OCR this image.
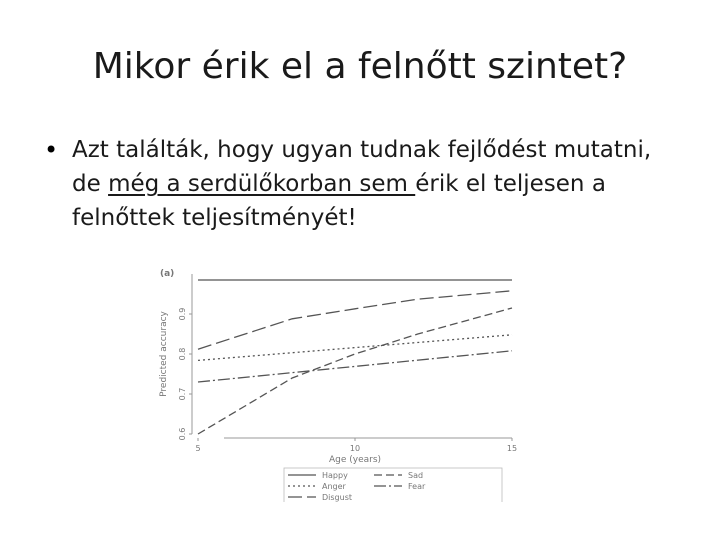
Mikor érik el a felnőtt szintet?
• Azt találták, hogy ugyan tudnak fejlődést mutatni, de még a serdülőkorban sem érik el teljesen a felnőttek teljesítményét!
0.6
0.7
0.8
0.9
Predicted accuracy
5	10	15
Age (years)
(a)
Happy
Anger
Disgust
Sad
Fear
